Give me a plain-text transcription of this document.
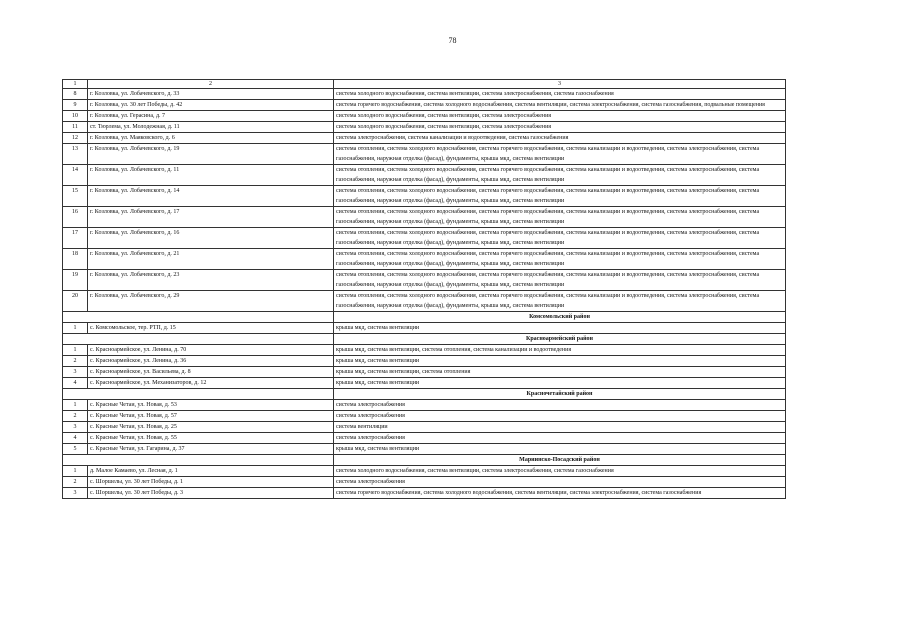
78
1	2	3
8	г. Козловка, ул. Лобачевского, д. 33	система холодного водоснабжения, система вентиляции, система электроснабжения, система газоснабжения
9	г. Козловка, ул. 30 лет Победы, д. 42	система горячего водоснабжения, система холодного водоснабжения, система вентиляции, система электроснабжения, система газоснабжения, подвальные помещения
10	г. Козловка, ул. Герасина, д. 7	система холодного водоснабжения, система вентиляции, система электроснабжения
11	ст. Тюрлема, ул. Молодежная, д. 11	система холодного водоснабжения, система вентиляции, система электроснабжения
12	г. Козловка, ул. Маяковского, д. 6	система электроснабжения, система канализации и водоотведения, система газоснабжения
13	г. Козловка, ул. Лобачевского, д. 19	система отопления, система холодного водоснабжения, система горячего водоснабжения, система канализации и водоотведения, система электроснабжения, система газоснабжения, наружная отделка (фасад), фундаменты, крыша мкд, система вентиляции
14	г. Козловка, ул. Лобачевского, д. 11	система отопления, система холодного водоснабжения, система горячего водоснабжения, система канализации и водоотведения, система электроснабжения, система газоснабжения, наружная отделка (фасад), фундаменты, крыша мкд, система вентиляции
15	г. Козловка, ул. Лобачевского, д. 14	система отопления, система холодного водоснабжения, система горячего водоснабжения, система канализации и водоотведения, система электроснабжения, система газоснабжения, наружная отделка (фасад), фундаменты, крыша мкд, система вентиляции
16	г. Козловка, ул. Лобачевского, д. 17	система отопления, система холодного водоснабжения, система горячего водоснабжения, система канализации и водоотведения, система электроснабжения, система газоснабжения, наружная отделка (фасад), фундаменты, крыша мкд, система вентиляции
17	г. Козловка, ул. Лобачевского, д. 16	система отопления, система холодного водоснабжения, система горячего водоснабжения, система канализации и водоотведения, система электроснабжения, система газоснабжения, наружная отделка (фасад), фундаменты, крыша мкд, система вентиляции
18	г. Козловка, ул. Лобачевского, д. 21	система отопления, система холодного водоснабжения, система горячего водоснабжения, система канализации и водоотведения, система электроснабжения, система газоснабжения, наружная отделка (фасад), фундаменты, крыша мкд, система вентиляции
19	г. Козловка, ул. Лобачевского, д. 23	система отопления, система холодного водоснабжения, система горячего водоснабжения, система канализации и водоотведения, система электроснабжения, система газоснабжения, наружная отделка (фасад), фундаменты, крыша мкд, система вентиляции
20	г. Козловка, ул. Лобачевского, д. 29	система отопления, система холодного водоснабжения, система горячего водоснабжения, система канализации и водоотведения, система электроснабжения, система газоснабжения, наружная отделка (фасад), фундаменты, крыша мкд, система вентиляции
		Комсомольский район
1	с. Комсомольское, тер. РТП, д. 15	крыша мкд, система вентиляции
		Красноармейский район
1	с. Красноармейское, ул. Ленина, д. 70	крыша мкд, система вентиляции, система отопления, система канализации и водоотведения
2	с. Красноармейское, ул. Ленина, д. 36	крыша мкд, система вентиляции
3	с. Красноармейское, ул. Васильева, д. 8	крыша мкд, система вентиляции, система отопления
4	с. Красноармейское, ул. Механизаторов, д. 12	крыша мкд, система вентиляции
		Красночетайский район
1	с. Красные Четаи, ул. Новая, д. 53	система электроснабжения
2	с. Красные Четаи, ул. Новая, д. 57	система электроснабжения
3	с. Красные Четаи, ул. Новая, д. 25	система вентиляции
4	с. Красные Четаи, ул. Новая, д. 55	система электроснабжения
5	с. Красные Четаи, ул. Гагарина, д. 37	крыша мкд, система вентиляции
		Мариинско-Посадский район
1	д. Малое Камаево, ул. Лесная, д. 1	система холодного водоснабжения, система вентиляции, система электроснабжения, система газоснабжения
2	с. Шоршелы, ул. 30 лет Победы, д. 1	система электроснабжения
3	с. Шоршелы, ул. 30 лет Победы, д. 3	система горячего водоснабжения, система холодного водоснабжения, система вентиляции, система электроснабжения, система газоснабжения
